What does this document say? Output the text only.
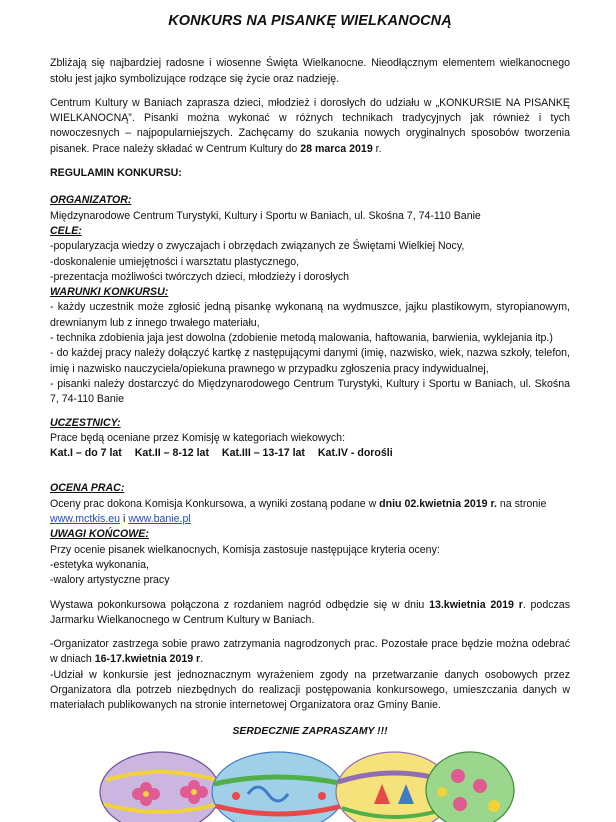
KONKURS NA PISANKĘ WIELKANOCNĄ

Zbliżają się najbardziej radosne i wiosenne Święta Wielkanocne. Nieodłącznym elementem wielkanocnego stołu jest jajko symbolizujące rodzące się życie oraz nadzieję.

Centrum Kultury w Baniach zaprasza dzieci, młodzież i dorosłych do udziału w „KONKURSIE NA PISANKĘ WIELKANOCNĄ”. Pisanki można wykonać w różnych technikach tradycyjnych jak również i tych nowoczesnych – najpopularniejszych. Zachęcamy do szukania nowych oryginalnych sposobów tworzenia pisanek. Prace należy składać w Centrum Kultury do 28 marca 2019 r.

REGULAMIN KONKURSU:

ORGANIZATOR:

Międzynarodowe Centrum Turystyki, Kultury i Sportu w Baniach, ul. Skośna 7, 74-110 Banie

CELE:

-popularyzacja wiedzy o zwyczajach i obrzędach związanych ze Świętami Wielkiej Nocy,

-doskonalenie umiejętności i warsztatu plastycznego,

-prezentacja możliwości twórczych dzieci, młodzieży i dorosłych

WARUNKI KONKURSU:

- każdy uczestnik może zgłosić jedną pisankę wykonaną na wydmuszce, jajku plastikowym, styropianowym, drewnianym lub z innego trwałego materiału,

- technika zdobienia jaja jest dowolna (zdobienie metodą malowania, haftowania, barwienia, wyklejania itp.)

- do każdej pracy należy dołączyć kartkę z następującymi danymi (imię, nazwisko, wiek, nazwa szkoły, telefon, imię i nazwisko nauczyciela/opiekuna prawnego w przypadku zgłoszenia pracy indywidualnej,

- pisanki należy dostarczyć do Międzynarodowego Centrum Turystyki, Kultury i Sportu w Baniach, ul. Skośna 7, 74-110 Banie

UCZESTNICY:

Prace będą oceniane przez Komisję w kategoriach wiekowych:

Kat.I – do 7 lat Kat.II – 8-12 lat Kat.III – 13-17 lat Kat.IV - dorośli

OCENA PRAC:

Oceny prac dokona Komisja Konkursowa, a wyniki zostaną podane w dniu 02.kwietnia 2019 r. na stronie

www.mctkis.eu i www.banie.pl

UWAGI KOŃCOWE:

Przy ocenie pisanek wielkanocnych, Komisja zastosuje następujące kryteria oceny:

-estetyka wykonania,

-walory artystyczne pracy

Wystawa pokonkursowa połączona z rozdaniem nagród odbędzie się w dniu 13.kwietnia 2019 r. podczas Jarmarku Wielkanocnego w Centrum Kultury w Baniach.

-Organizator zastrzega sobie prawo zatrzymania nagrodzonych prac. Pozostałe prace będzie można odebrać w dniach 16-17.kwietnia 2019 r.

-Udział w konkursie jest jednoznacznym wyrażeniem zgody na przetwarzanie danych osobowych przez Organizatora dla potrzeb niezbędnych do realizacji postępowania konkursowego, umieszczania danych w materiałach publikowanych na stronie internetowej Organizatora oraz Gminy Banie.

SERDECZNIE ZAPRASZAMY !!!
